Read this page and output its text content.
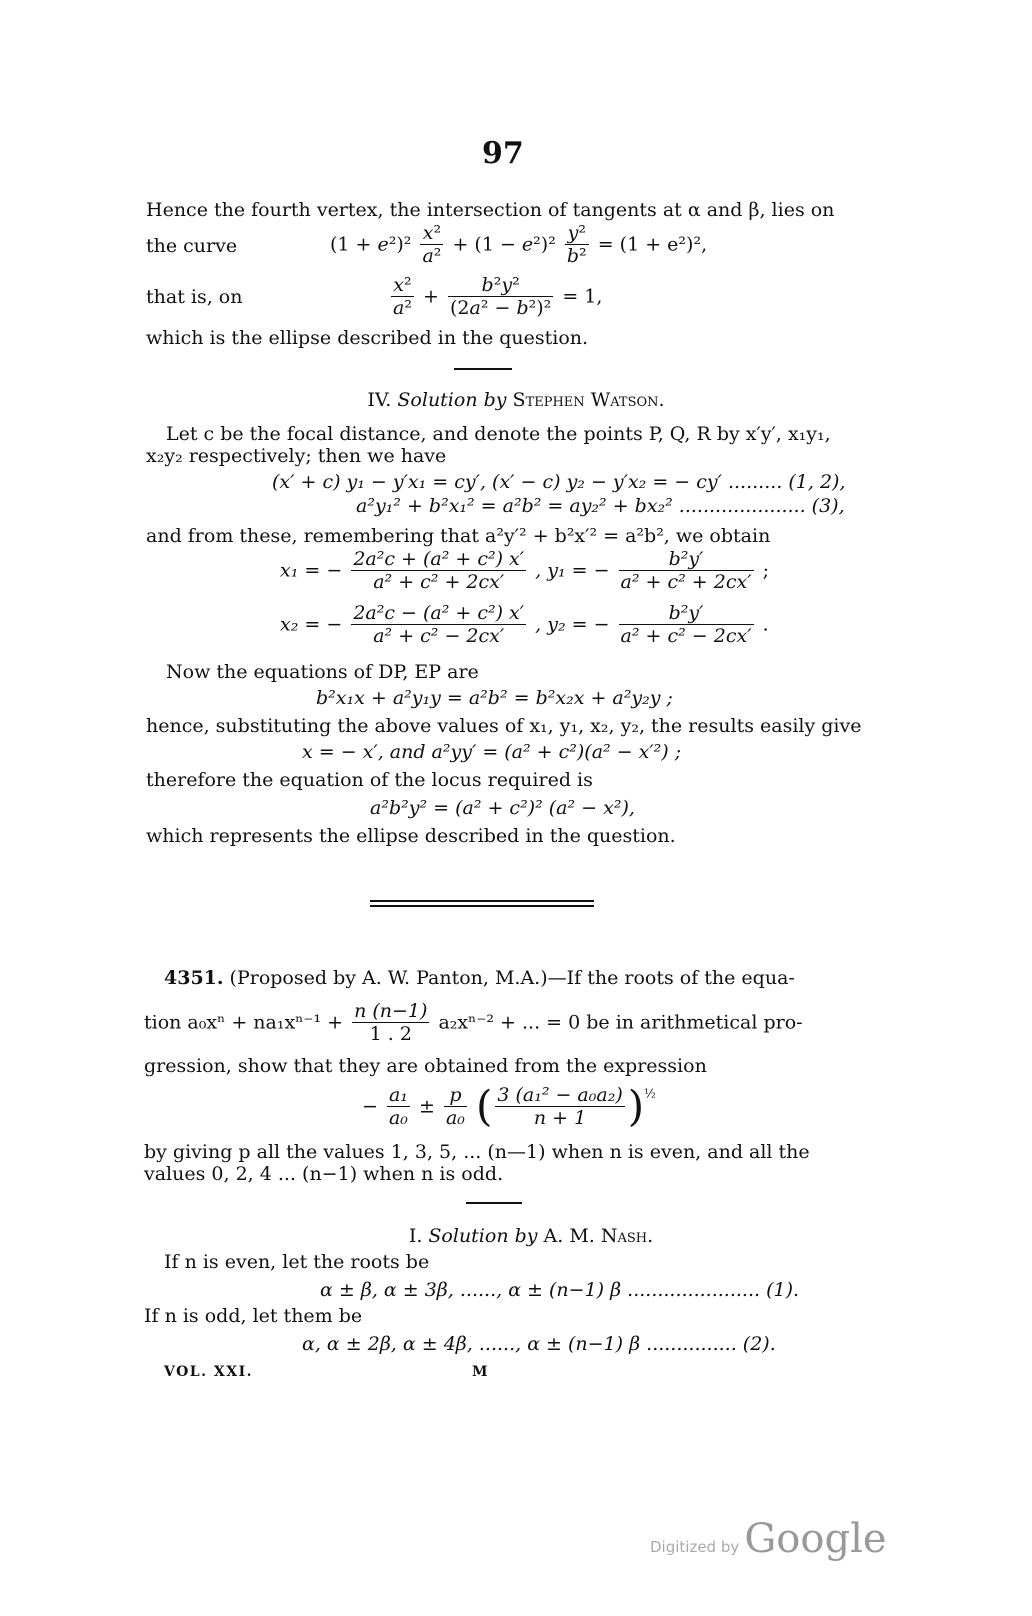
97
Hence the fourth vertex, the intersection of tangents at α and β, lies on
the curve	$(1 + e^2)^2 \frac{\text{x²}}{\text{a²}} + (1 - e^2)^2 \frac{\text{y²}}{\text{b²}} = (1 + e^2)^2$,
that is, on	$\frac{\text{x²}}{\text{a²}} + \frac{\text{b²y²}}{\text{(2a² − b²)²}} = 1$,
which is the ellipse described in the question.
IV. Solution by Stephen Watson.
Let c be the focal distance, and denote the points P, Q, R by x′y′, x₁y₁,
x₂y₂ respectively; then we have
(x′ + c) y₁ − y′x₁ = cy′, (x′ − c) y₂ − y′x₂ = − cy′ ......... (1, 2),
a²y₁² + b²x₁² = a²b² = ay₂² + bx₂² ..................... (3),
and from these, remembering that a²y′² + b²x′² = a²b², we obtain
x₁ = − $\frac{\text{2a²c + (a² + c²) x′}}{\text{a² + c² + 2cx′}}$ , y₁ = − $\frac{\text{b²y′}}{\text{a² + c² + 2cx′}}$ ;
x₂ = − $\frac{\text{2a²c − (a² + c²) x′}}{\text{a² + c² − 2cx′}}$ , y₂ = − $\frac{\text{b²y′}}{\text{a² + c² − 2cx′}}$ .
Now the equations of DP, EP are
b²x₁x + a²y₁y = a²b² = b²x₂x + a²y₂y ;
hence, substituting the above values of x₁, y₁, x₂, y₂, the results easily give
x = − x′, and a²yy′ = (a² + c²)(a² − x′²) ;
therefore the equation of the locus required is
a²b²y² = (a² + c²)² (a² − x²),
which represents the ellipse described in the question.
4351. (Proposed by A. W. Panton, M.A.)—If the roots of the equa-
tion $a_0x^n + na_1x^{n-1} + \frac{n (n-1)}{1 . 2} a_2x^{n-2}$ + ... = 0 be in arithmetical pro-
gression, show that they are obtained from the expression
− $\frac{\text{a₁}}{\text{a₀}} \pm \frac{p}{\text{a₀}}$ ( $\frac{\text{3 (a₁² − a₀a₂)}}{n + 1} )^{\frac{1}{2}}$
by giving p all the values 1, 3, 5, ... (n—1) when n is even, and all the
values 0, 2, 4 ... (n−1) when n is odd.
I. Solution by A. M. Nash.
If n is even, let the roots be
α ± β, α ± 3β, ......, α ± (n−1) β ...................... (1).
If n is odd, let them be
α, α ± 2β, α ± 4β, ......, α ± (n−1) β ............... (2).
VOL. XXI.	M
Digitized by Google
